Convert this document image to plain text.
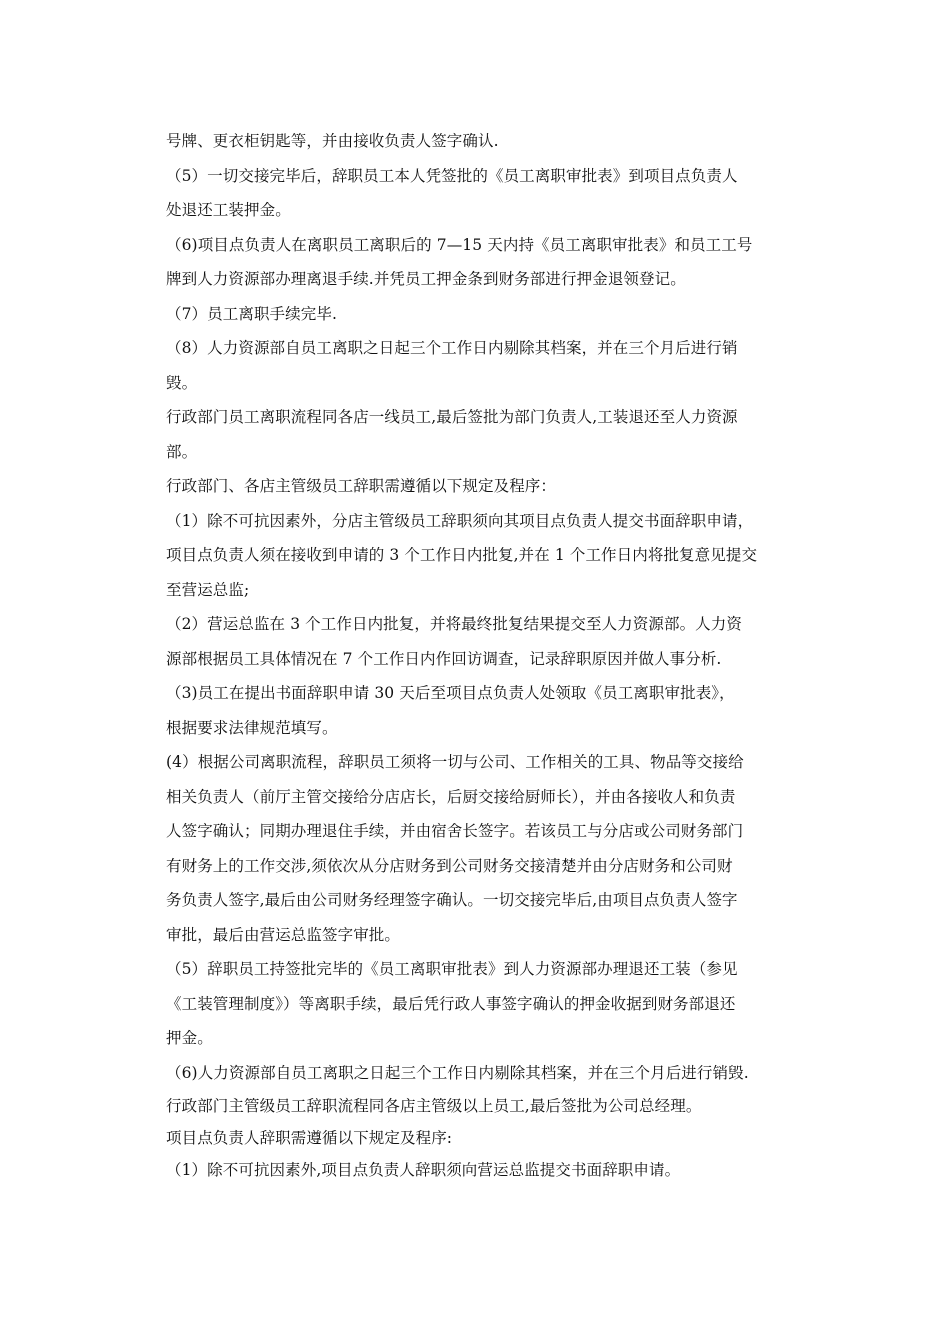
号牌、更衣柜钥匙等，并由接收负责人签字确认.
（5）一切交接完毕后，辞职员工本人凭签批的《员工离职审批表》到项目点负责人
处退还工装押金。
（6)项目点负责人在离职员工离职后的 7—15 天内持《员工离职审批表》和员工工号
牌到人力资源部办理离退手续.并凭员工押金条到财务部进行押金退领登记。
（7）员工离职手续完毕.
（8）人力资源部自员工离职之日起三个工作日内剔除其档案，并在三个月后进行销
毁。
行政部门员工离职流程同各店一线员工,最后签批为部门负责人,工装退还至人力资源
部。
行政部门、各店主管级员工辞职需遵循以下规定及程序：
（1）除不可抗因素外，分店主管级员工辞职须向其项目点负责人提交书面辞职申请，
项目点负责人须在接收到申请的 3 个工作日内批复,并在 1 个工作日内将批复意见提交
至营运总监;
（2）营运总监在 3 个工作日内批复，并将最终批复结果提交至人力资源部。人力资
源部根据员工具体情况在 7 个工作日内作回访调查，记录辞职原因并做人事分析.
（3)员工在提出书面辞职申请 30 天后至项目点负责人处领取《员工离职审批表》，
根据要求法律规范填写。
(4）根据公司离职流程，辞职员工须将一切与公司、工作相关的工具、物品等交接给
相关负责人（前厅主管交接给分店店长，后厨交接给厨师长），并由各接收人和负责
人签字确认；同期办理退住手续，并由宿舍长签字。若该员工与分店或公司财务部门
有财务上的工作交涉,须依次从分店财务到公司财务交接清楚并由分店财务和公司财
务负责人签字,最后由公司财务经理签字确认。一切交接完毕后,由项目点负责人签字
审批，最后由营运总监签字审批。
（5）辞职员工持签批完毕的《员工离职审批表》到人力资源部办理退还工装（参见
《工装管理制度》）等离职手续，最后凭行政人事签字确认的押金收据到财务部退还
押金。
（6)人力资源部自员工离职之日起三个工作日内剔除其档案，并在三个月后进行销毁.
行政部门主管级员工辞职流程同各店主管级以上员工,最后签批为公司总经理。
项目点负责人辞职需遵循以下规定及程序:
（1）除不可抗因素外,项目点负责人辞职须向营运总监提交书面辞职申请。
